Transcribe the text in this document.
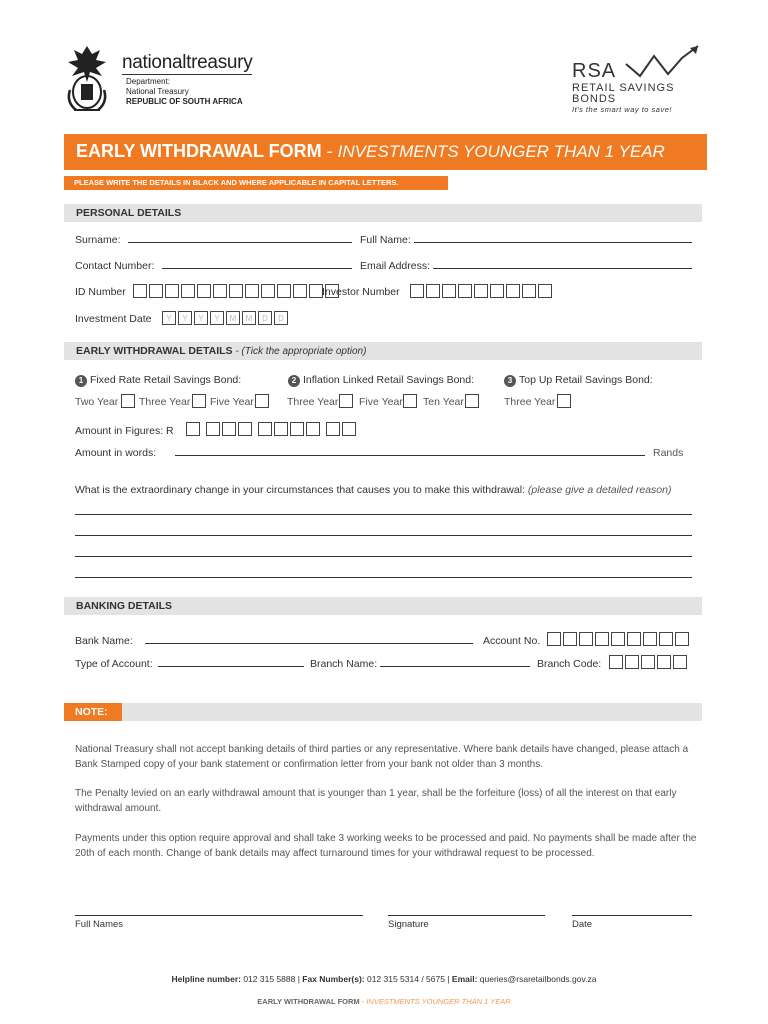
nationaltreasury
Department:
National Treasury
REPUBLIC OF SOUTH AFRICA
RSA
RETAIL SAVINGS
BONDS
It's the smart way to save!
EARLY WITHDRAWAL FORM - INVESTMENTS YOUNGER THAN 1 YEAR
PLEASE WRITE THE DETAILS IN BLACK AND WHERE APPLICABLE IN CAPITAL LETTERS.
PERSONAL DETAILS
Surname:	Full Name:
Contact Number:	Email Address:
ID Number	Investor Number
Investment Date	Y	Y	Y	Y	M	M	D	D
EARLY WITHDRAWAL DETAILS - (Tick the appropriate option)
1 Fixed Rate Retail Savings Bond:	2 Inflation Linked Retail Savings Bond:	3 Top Up Retail Savings Bond:
Two Year Three Year Five Year	Three Year Five Year Ten Year	Three Year
Amount in Figures: R
Amount in words:	Rands
What is the extraordinary change in your circumstances that causes you to make this withdrawal: (please give a detailed reason)
BANKING DETAILS
Bank Name:	Account No.
Type of Account:	Branch Name:	Branch Code:
NOTE:
National Treasury shall not accept banking details of third parties or any representative. Where bank details have changed, please attach a Bank Stamped copy of your bank statement or confirmation letter from your bank not older than 3 months.
The Penalty levied on an early withdrawal amount that is younger than 1 year, shall be the forfeiture (loss) of all the interest on that early withdrawal amount.
Payments under this option require approval and shall take 3 working weeks to be processed and paid. No payments shall be made after the 20th of each month. Change of bank details may affect turnaround times for your withdrawal request to be processed.
Full Names	Signature	Date
Helpline number: 012 315 5888 | Fax Number(s): 012 315 5314 / 5675 | Email: queries@rsaretailbonds.gov.za
EARLY WITHDRAWAL FORM - INVESTMENTS YOUNGER THAN 1 YEAR
